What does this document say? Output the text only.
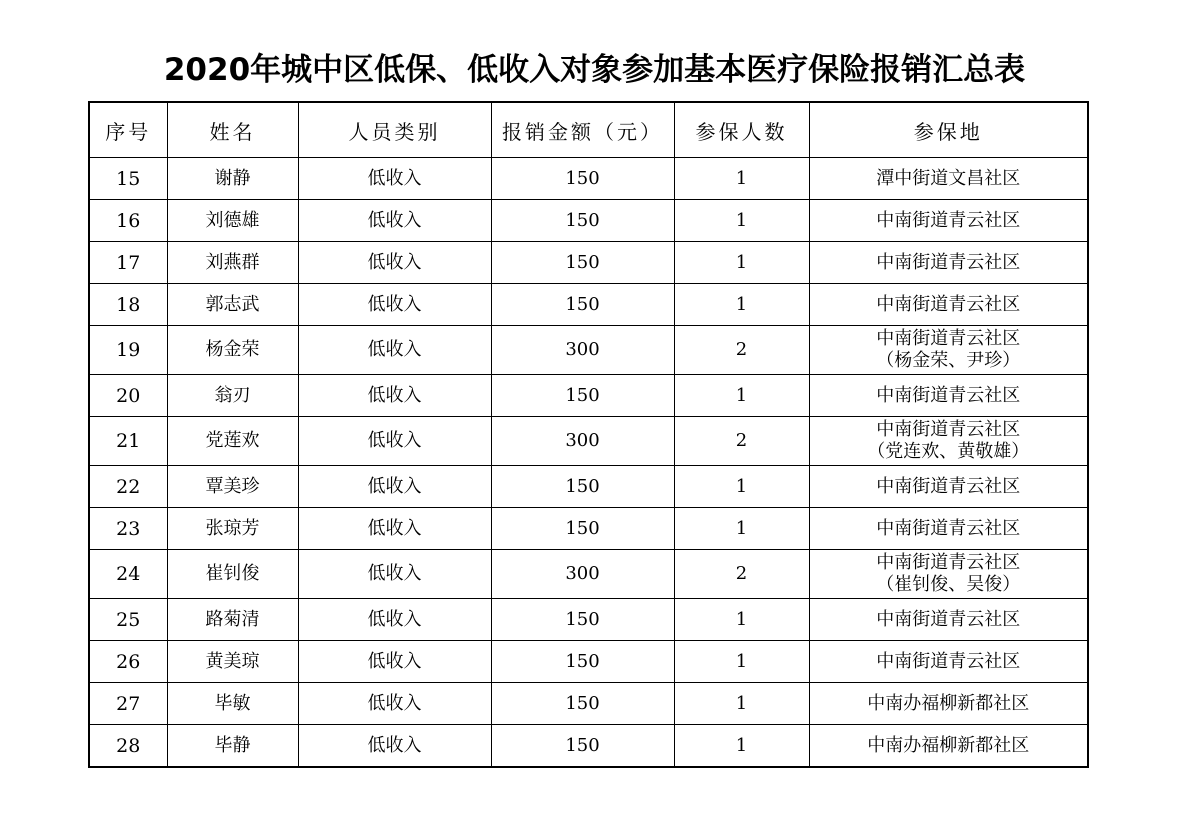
2020年城中区低保、低收入对象参加基本医疗保险报销汇总表
序号	姓名	人员类别	报销金额（元）	参保人数	参保地
15	谢静	低收入	150	1	潭中街道文昌社区
16	刘德雄	低收入	150	1	中南街道青云社区
17	刘燕群	低收入	150	1	中南街道青云社区
18	郭志武	低收入	150	1	中南街道青云社区
19	杨金荣	低收入	300	2	中南街道青云社区
（杨金荣、尹珍）

20	翁刃	低收入	150	1	中南街道青云社区
21	党莲欢	低收入	300	2	中南街道青云社区
（党连欢、黄敬雄）

22	覃美珍	低收入	150	1	中南街道青云社区
23	张琼芳	低收入	150	1	中南街道青云社区
24	崔钊俊	低收入	300	2	中南街道青云社区
（崔钊俊、吴俊）

25	路菊清	低收入	150	1	中南街道青云社区
26	黄美琼	低收入	150	1	中南街道青云社区
27	毕敏	低收入	150	1	中南办福柳新都社区
28	毕静	低收入	150	1	中南办福柳新都社区
